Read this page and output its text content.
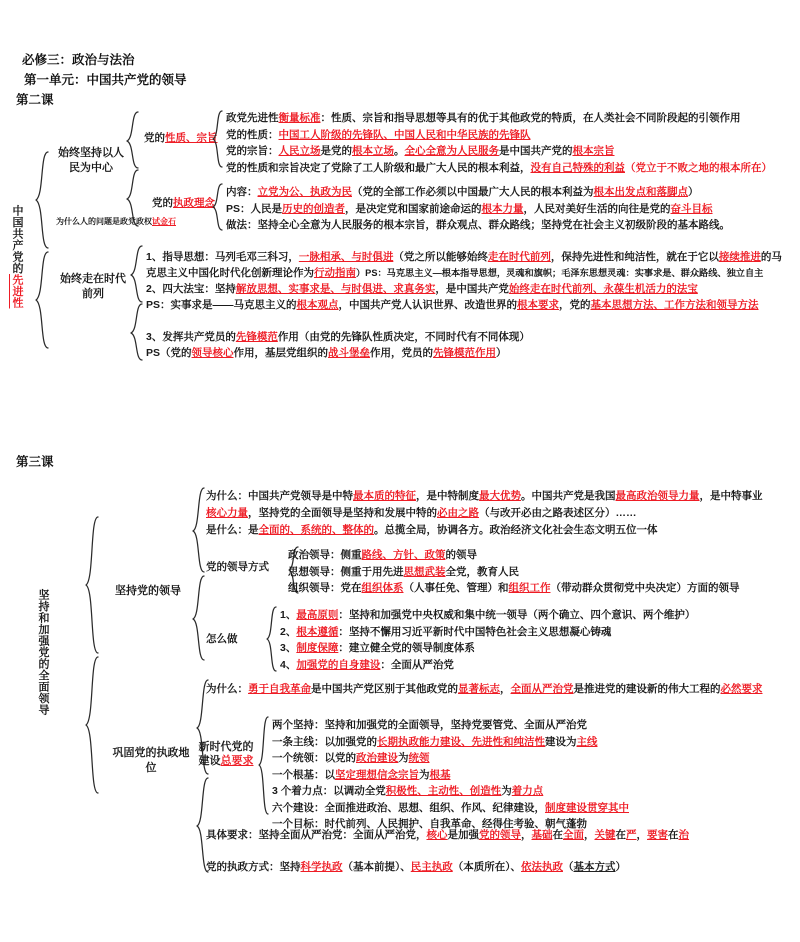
必修三：政治与法治
第一单元：中国共产党的领导
第二课
第三课
中国共产党的先进性
始终坚持以人民为中心
党的性质、宗旨
政党先进性衡量标准：性质、宗旨和指导思想等具有的优于其他政党的特质，在人类社会不同阶段起的引领作用
党的性质：中国工人阶级的先锋队、中国人民和中华民族的先锋队
党的宗旨：人民立场是党的根本立场。全心全意为人民服务是中国共产党的根本宗旨
党的性质和宗旨决定了党除了工人阶级和最广大人民的根本利益，没有自己特殊的利益（党立于不败之地的根本所在）
党的执政理念
为什么人的问题是政党政权试金石
内容：立党为公、执政为民（党的全部工作必须以中国最广大人民的根本利益为根本出发点和落脚点）
PS：人民是历史的创造者，是决定党和国家前途命运的根本力量，人民对美好生活的向往是党的奋斗目标
做法：坚持全心全意为人民服务的根本宗旨，群众观点、群众路线；坚持党在社会主义初级阶段的基本路线。
始终走在时代前列
1、指导思想：马列毛邓三科习，一脉相承、与时俱进（党之所以能够始终走在时代前列，保持先进性和纯洁性，就在于它以接续推进的马
克思主义中国化时代化创新理论作为行动指南）PS：马克思主义—根本指导思想，灵魂和旗帜；毛泽东思想灵魂：实事求是、群众路线、独立自主
2、四大法宝：坚持解放思想、实事求是、与时俱进、求真务实，是中国共产党始终走在时代前列、永葆生机活力的法宝
PS：实事求是——马克思主义的根本观点，中国共产党人认识世界、改造世界的根本要求，党的基本思想方法、工作方法和领导方法
3、发挥共产党员的先锋模范作用（由党的先锋队性质决定，不同时代有不同体现）
PS（党的领导核心作用，基层党组织的战斗堡垒作用，党员的先锋模范作用）
坚持和加强党的全面领导	坚持党的领导
为什么：中国共产党领导是中特最本质的特征，是中特制度最大优势。中国共产党是我国最高政治领导力量，是中特事业
核心力量，坚持党的全面领导是坚持和发展中特的必由之路（与改开必由之路表述区分）……
是什么：是全面的、系统的、整体的。总揽全局，协调各方。政治经济文化社会生态文明五位一体
党的领导方式
政治领导：侧重路线、方针、政策的领导
思想领导：侧重于用先进思想武装全党，教育人民
组织领导：党在组织体系（人事任免、管理）和组织工作（带动群众贯彻党中央决定）方面的领导
怎么做
1、最高原则：坚持和加强党中央权威和集中统一领导（两个确立、四个意识、两个维护）
2、根本遵循：坚持不懈用习近平新时代中国特色社会主义思想凝心铸魂
3、制度保障：建立健全党的领导制度体系
4、加强党的自身建设：全面从严治党
巩固党的执政地位
为什么：勇于自我革命是中国共产党区别于其他政党的显著标志，全面从严治党是推进党的建设新的伟大工程的必然要求
新时代党的建设总要求
两个坚持：坚持和加强党的全面领导，坚持党要管党、全面从严治党
一条主线：以加强党的长期执政能力建设、先进性和纯洁性建设为主线
一个统领：以党的政治建设为统领
一个根基：以坚定理想信念宗旨为根基
3 个着力点：以调动全党积极性、主动性、创造性为着力点
六个建设：全面推进政治、思想、组织、作风、纪律建设，制度建设贯穿其中
一个目标：时代前列、人民拥护、自我革命、经得住考验、朝气蓬勃
具体要求：坚持全面从严治党：全面从严治党，核心是加强党的领导，基础在全面，关键在严，要害在治
党的执政方式：坚持科学执政（基本前提）、民主执政（本质所在）、依法执政（基本方式）
